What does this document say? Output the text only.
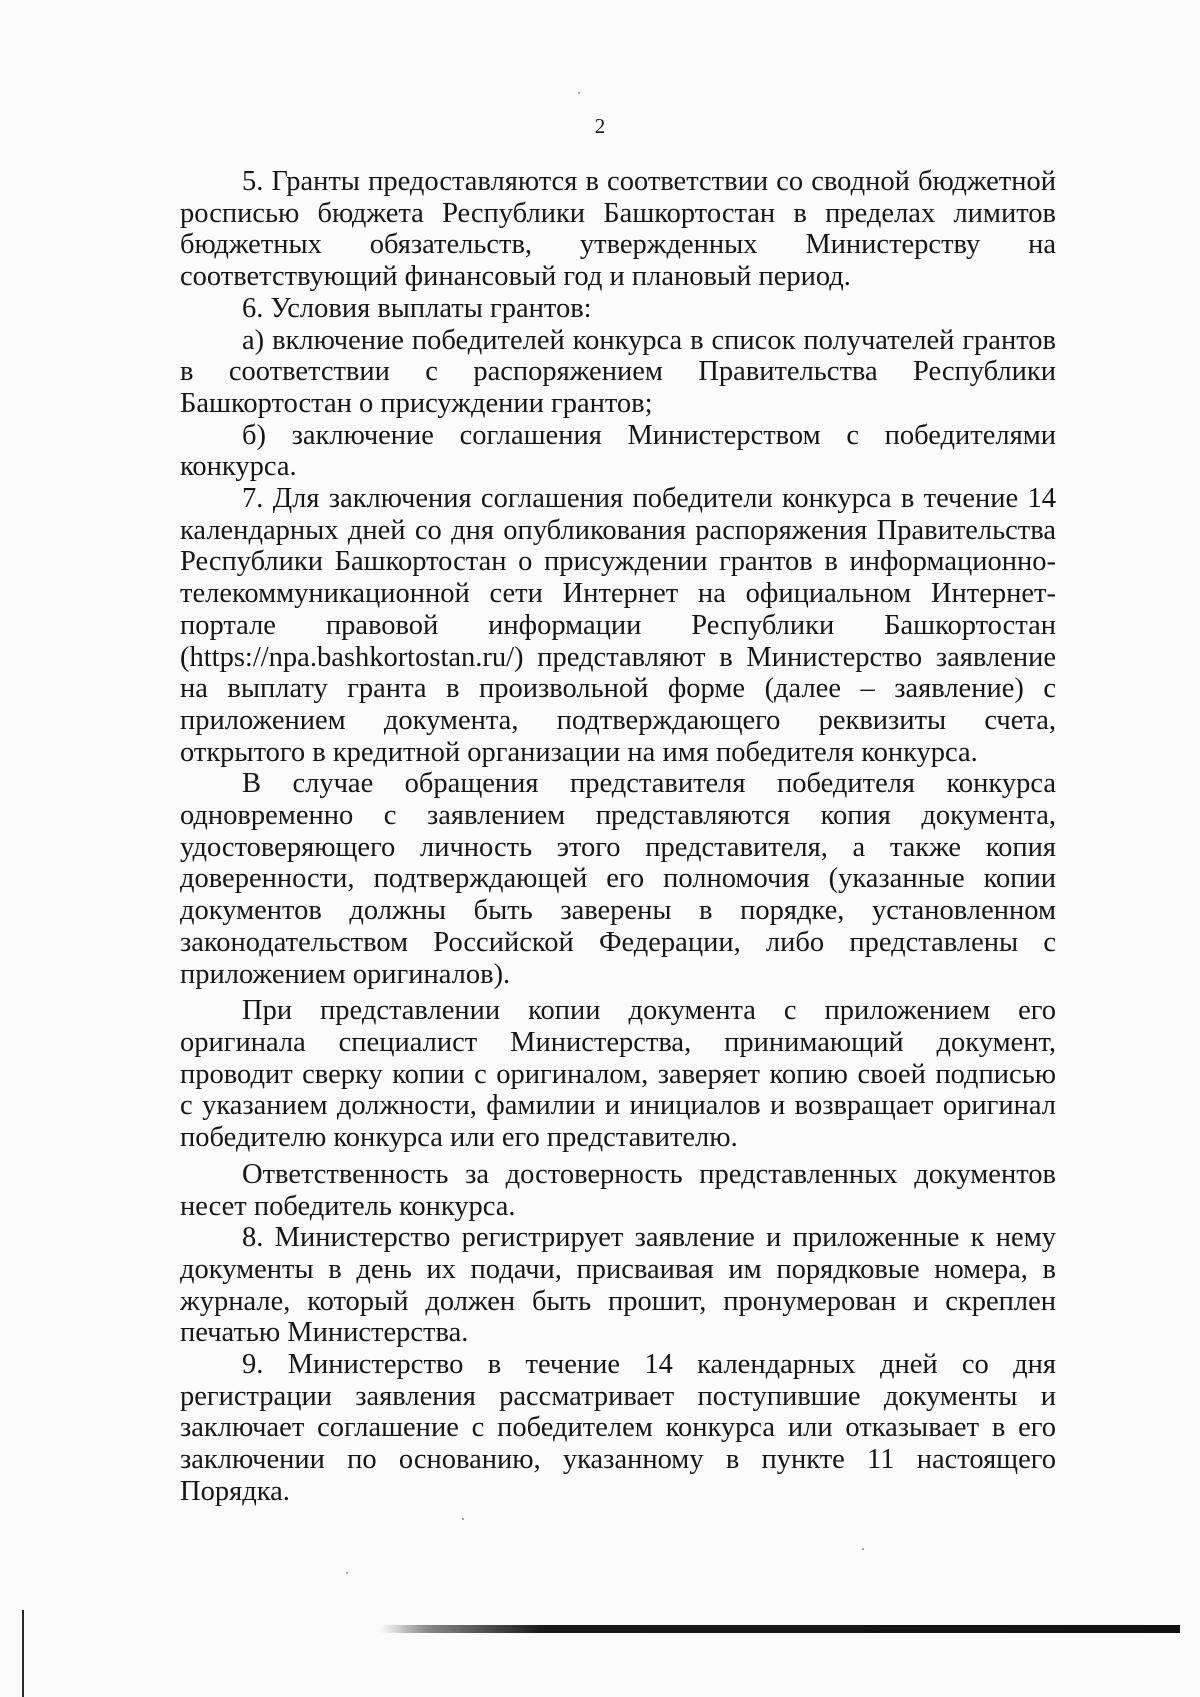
2

5. Гранты предоставляются в соответствии со сводной бюджетной росписью бюджета Республики Башкортостан в пределах лимитов бюджетных обязательств, утвержденных Министерству на соответствующий финансовый год и плановый период.

6. Условия выплаты грантов:

а) включение победителей конкурса в список получателей грантов в соответствии с распоряжением Правительства Республики Башкортостан о присуждении грантов;

б) заключение соглашения Министерством с победителями конкурса.

7. Для заключения соглашения победители конкурса в течение 14 календарных дней со дня опубликования распоряжения Правительства Республики Башкортостан о присуждении грантов в информационно-телекоммуникационной сети Интернет на официальном Интернет-портале правовой информации Республики Башкортостан (https://npa.bashkortostan.ru/) представляют в Министерство заявление на выплату гранта в произвольной форме (далее – заявление) с приложением документа, подтверждающего реквизиты счета, открытого в кредитной организации на имя победителя конкурса.

В случае обращения представителя победителя конкурса одновременно с заявлением представляются копия документа, удостоверяющего личность этого представителя, а также копия доверенности, подтверждающей его полномочия (указанные копии документов должны быть заверены в порядке, установленном законодательством Российской Федерации, либо представлены с приложением оригиналов).

При представлении копии документа с приложением его оригинала специалист Министерства, принимающий документ, проводит сверку копии с оригиналом, заверяет копию своей подписью с указанием должности, фамилии и инициалов и возвращает оригинал победителю конкурса или его представителю.

Ответственность за достоверность представленных документов несет победитель конкурса.

8. Министерство регистрирует заявление и приложенные к нему документы в день их подачи, присваивая им порядковые номера, в журнале, который должен быть прошит, пронумерован и скреплен печатью Министерства.

9. Министерство в течение 14 календарных дней со дня регистрации заявления рассматривает поступившие документы и заключает соглашение с победителем конкурса или отказывает в его заключении по основанию, указанному в пункте 11 настоящего Порядка.
